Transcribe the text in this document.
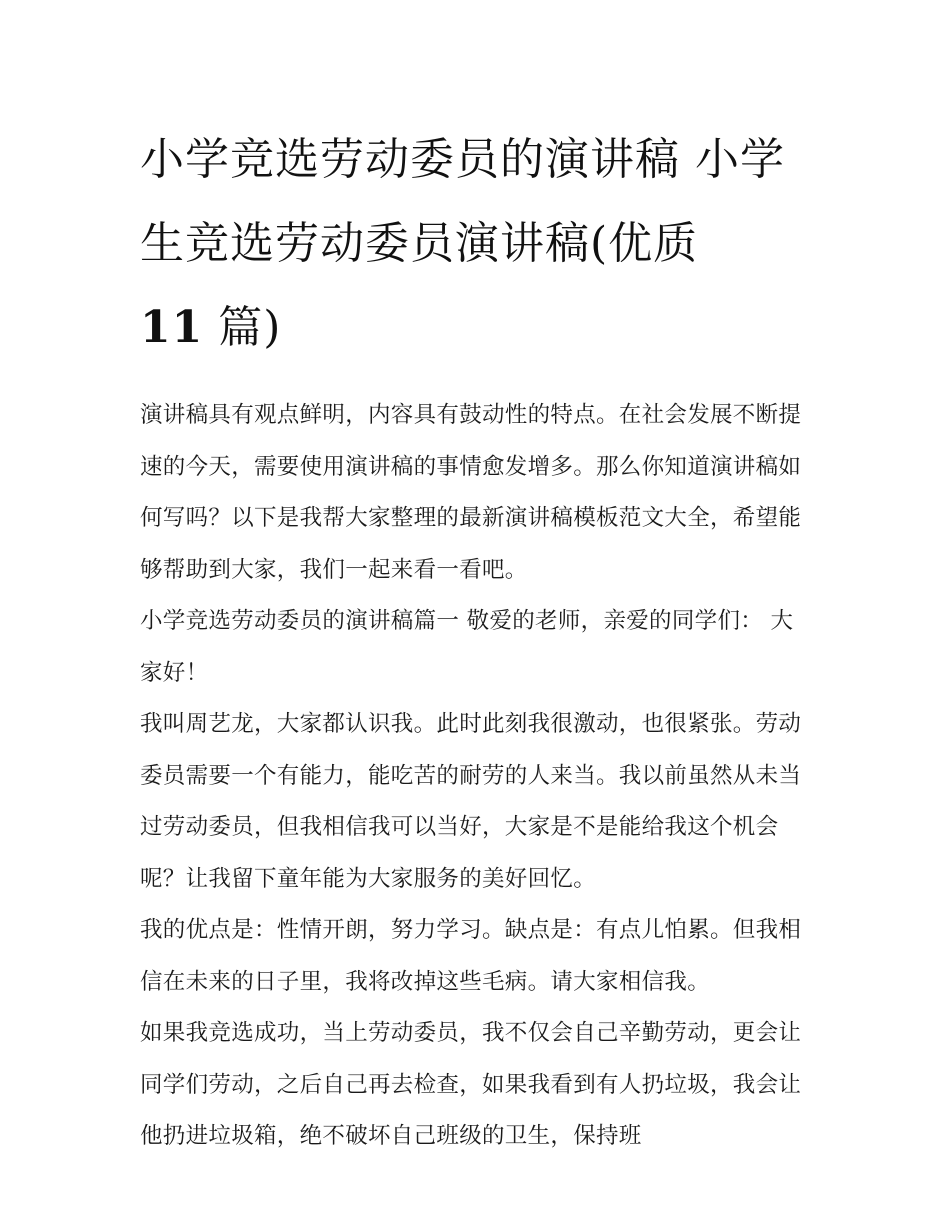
小学竞选劳动委员的演讲稿 小学生竞选劳动委员演讲稿(优质
11 篇)

演讲稿具有观点鲜明，内容具有鼓动性的特点。在社会发展不断提速的今天，需要使用演讲稿的事情愈发增多。那么你知道演讲稿如何写吗？以下是我帮大家整理的最新演讲稿模板范文大全，希望能够帮助到大家，我们一起来看一看吧。

小学竞选劳动委员的演讲稿篇一 敬爱的老师，亲爱的同学们： 大家好！

我叫周艺龙，大家都认识我。此时此刻我很激动，也很紧张。劳动委员需要一个有能力，能吃苦的耐劳的人来当。我以前虽然从未当过劳动委员，但我相信我可以当好，大家是不是能给我这个机会呢？让我留下童年能为大家服务的美好回忆。

我的优点是：性情开朗，努力学习。缺点是：有点儿怕累。但我相信在未来的日子里，我将改掉这些毛病。请大家相信我。

如果我竞选成功，当上劳动委员，我不仅会自己辛勤劳动，更会让同学们劳动，之后自己再去检查，如果我看到有人扔垃圾，我会让他扔进垃圾箱，绝不破坏自己班级的卫生，保持班
